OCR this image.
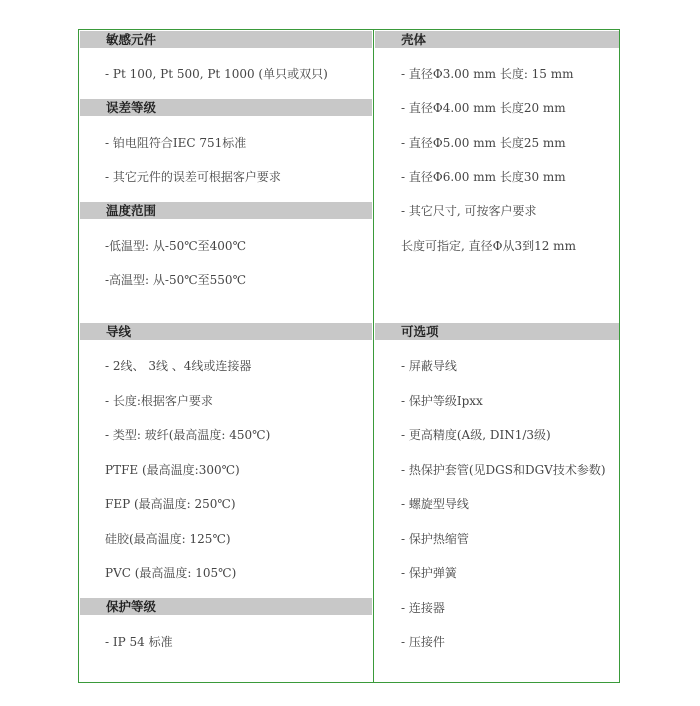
敏感元件
- Pt 100, Pt 500, Pt 1000 (单只或双只)
误差等级
- 铂电阻符合IEC 751标准
- 其它元件的误差可根据客户要求
温度范围
-低温型: 从-50℃至400℃
-高温型: 从-50℃至550℃
导线
- 2线、 3线 、4线或连接器
- 长度:根据客户要求
- 类型: 玻纤(最高温度: 450℃)
PTFE (最高温度:300℃)
FEP (最高温度: 250℃)
硅胶(最高温度: 125℃)
PVC (最高温度: 105℃)
保护等级
- IP 54 标准
壳体
- 直径Φ3.00 mm 长度: 15 mm
- 直径Φ4.00 mm 长度20 mm
- 直径Φ5.00 mm 长度25 mm
- 直径Φ6.00 mm 长度30 mm
- 其它尺寸, 可按客户要求
长度可指定, 直径Φ从3到12 mm
可选项
- 屏蔽导线
- 保护等级Ipxx
- 更高精度(A级, DIN1/3级)
- 热保护套管(见DGS和DGV技术参数)
- 螺旋型导线
- 保护热缩管
- 保护弹簧
- 连接器
- 压接件
